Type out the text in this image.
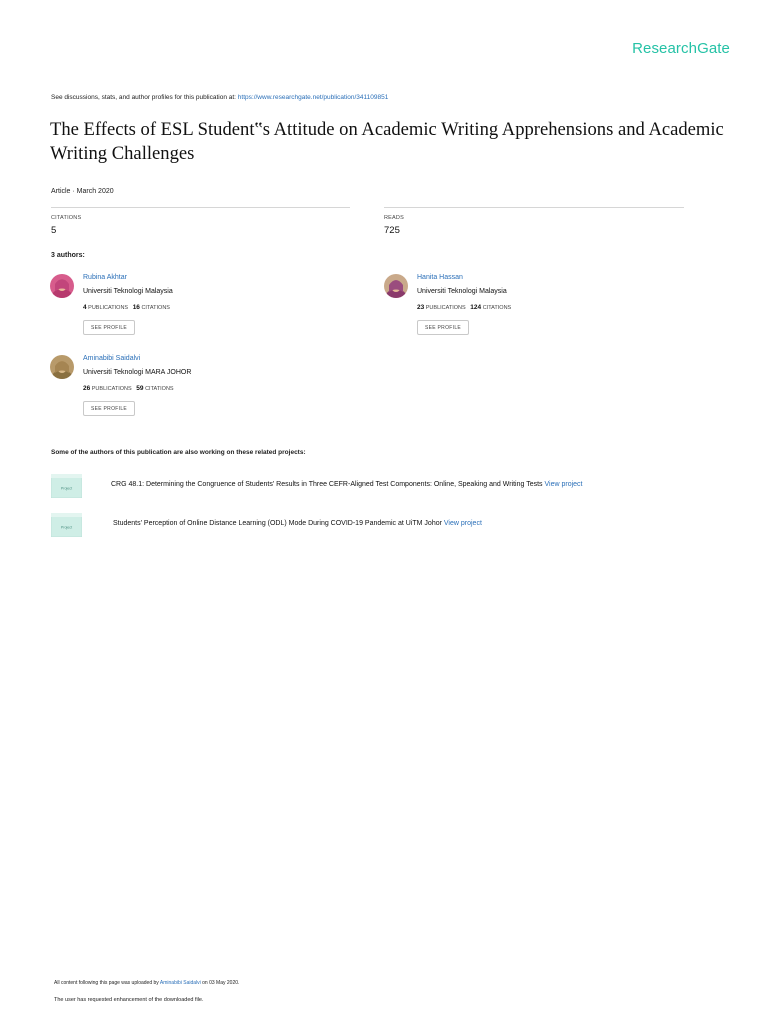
ResearchGate
See discussions, stats, and author profiles for this publication at: https://www.researchgate.net/publication/341109851
The Effects of ESL Student‟s Attitude on Academic Writing Apprehensions and Academic Writing Challenges
Article · March 2020
CITATIONS
5
READS
725
3 authors:
Rubina Akhtar
Universiti Teknologi Malaysia
4 PUBLICATIONS 16 CITATIONS
SEE PROFILE
Hanita Hassan
Universiti Teknologi Malaysia
23 PUBLICATIONS 124 CITATIONS
SEE PROFILE
Aminabibi Saidalvi
Universiti Teknologi MARA JOHOR
26 PUBLICATIONS 59 CITATIONS
SEE PROFILE
Some of the authors of this publication are also working on these related projects:
Project
CRG 48.1: Determining the Congruence of Students' Results in Three CEFR-Aligned Test Components: Online, Speaking and Writing Tests View project
Project
Students' Perception of Online Distance Learning (ODL) Mode During COVID-19 Pandemic at UiTM Johor View project
All content following this page was uploaded by Aminabibi Saidalvi on 03 May 2020.
The user has requested enhancement of the downloaded file.
